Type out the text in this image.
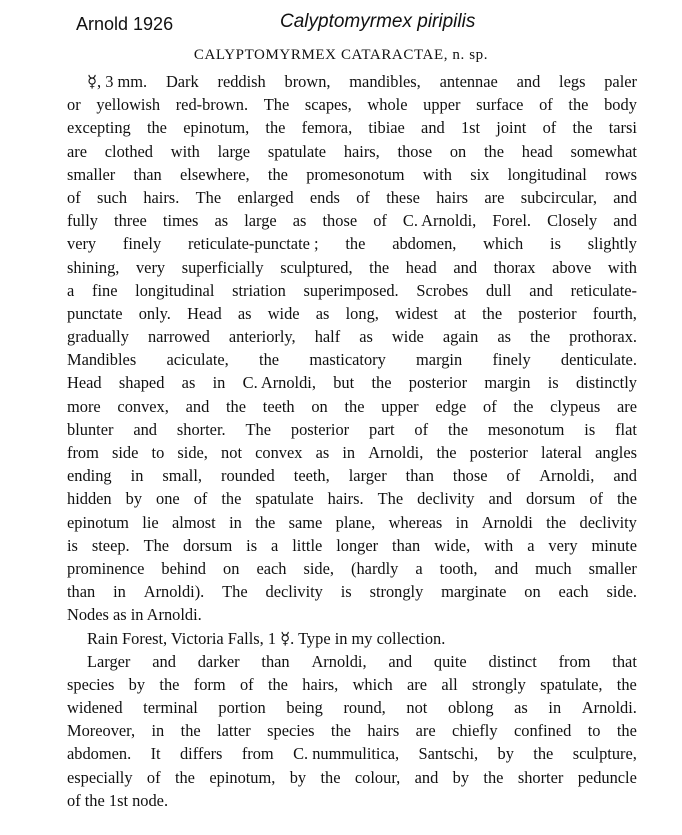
Arnold 1926	Calyptomyrmex piripilis
CALYPTOMYRMEX CATARACTAE, n. sp.
☿, 3 mm. Dark reddish brown, mandibles, antennae and legs paler
or yellowish red-brown. The scapes, whole upper surface of the body
excepting the epinotum, the femora, tibiae and 1st joint of the tarsi
are clothed with large spatulate hairs, those on the head somewhat
smaller than elsewhere, the promesonotum with six longitudinal rows
of such hairs. The enlarged ends of these hairs are subcircular, and
fully three times as large as those of C. Arnoldi, Forel. Closely and
very finely reticulate-punctate ; the abdomen, which is slightly
shining, very superficially sculptured, the head and thorax above with
a fine longitudinal striation superimposed. Scrobes dull and reticulate-
punctate only. Head as wide as long, widest at the posterior fourth,
gradually narrowed anteriorly, half as wide again as the prothorax.
Mandibles aciculate, the masticatory margin finely denticulate.
Head shaped as in C. Arnoldi, but the posterior margin is distinctly
more convex, and the teeth on the upper edge of the clypeus are
blunter and shorter. The posterior part of the mesonotum is flat
from side to side, not convex as in Arnoldi, the posterior lateral angles
ending in small, rounded teeth, larger than those of Arnoldi, and
hidden by one of the spatulate hairs. The declivity and dorsum of the
epinotum lie almost in the same plane, whereas in Arnoldi the declivity
is steep. The dorsum is a little longer than wide, with a very minute
prominence behind on each side, (hardly a tooth, and much smaller
than in Arnoldi). The declivity is strongly marginate on each side.
Nodes as in Arnoldi.
Rain Forest, Victoria Falls, 1 ☿. Type in my collection.
Larger and darker than Arnoldi, and quite distinct from that
species by the form of the hairs, which are all strongly spatulate, the
widened terminal portion being round, not oblong as in Arnoldi.
Moreover, in the latter species the hairs are chiefly confined to the
abdomen. It differs from C. nummulitica, Santschi, by the sculpture,
especially of the epinotum, by the colour, and by the shorter peduncle
of the 1st node.
